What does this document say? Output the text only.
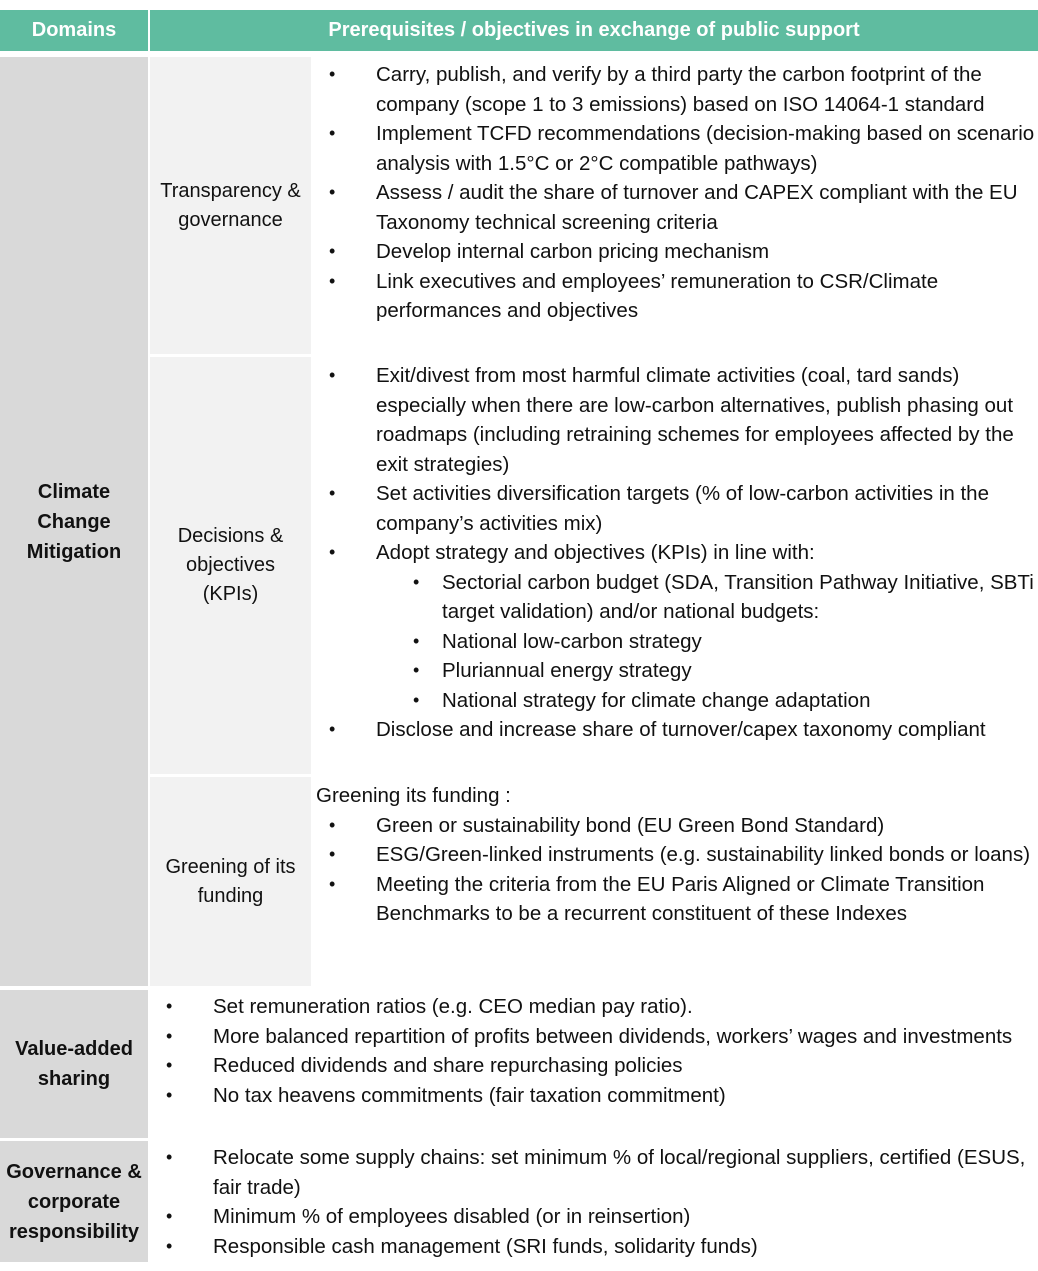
Domains	Prerequisites / objectives in exchange of public support
Climate Change Mitigation
Transparency & governance
• Carry, publish, and verify by a third party the carbon footprint of the company (scope 1 to 3 emissions) based on ISO 14064-1 standard
• Implement TCFD recommendations (decision-making based on scenario analysis with 1.5°C or 2°C compatible pathways)
• Assess / audit the share of turnover and CAPEX compliant with the EU Taxonomy technical screening criteria
• Develop internal carbon pricing mechanism
• Link executives and employees’ remuneration to CSR/Climate performances and objectives
Decisions & objectives (KPIs)
• Exit/divest from most harmful climate activities (coal, tard sands) especially when there are low-carbon alternatives, publish phasing out roadmaps (including retraining schemes for employees affected by the exit strategies)
• Set activities diversification targets (% of low-carbon activities in the company’s activities mix)
• Adopt strategy and objectives (KPIs) in line with:
• Sectorial carbon budget (SDA, Transition Pathway Initiative, SBTi target validation) and/or national budgets:
• National low-carbon strategy
• Pluriannual energy strategy
• National strategy for climate change adaptation
• Disclose and increase share of turnover/capex taxonomy compliant
Greening of its funding
Greening its funding :
• Green or sustainability bond (EU Green Bond Standard)
• ESG/Green-linked instruments (e.g. sustainability linked bonds or loans)
• Meeting the criteria from the EU Paris Aligned or Climate Transition Benchmarks to be a recurrent constituent of these Indexes
Value-added sharing
• Set remuneration ratios (e.g. CEO median pay ratio).
• More balanced repartition of profits between dividends, workers’ wages and investments
• Reduced dividends and share repurchasing policies
• No tax heavens commitments (fair taxation commitment)
Governance & corporate responsibility
• Relocate some supply chains: set minimum % of local/regional suppliers, certified (ESUS, fair trade)
• Minimum % of employees disabled (or in reinsertion)
• Responsible cash management (SRI funds, solidarity funds)
